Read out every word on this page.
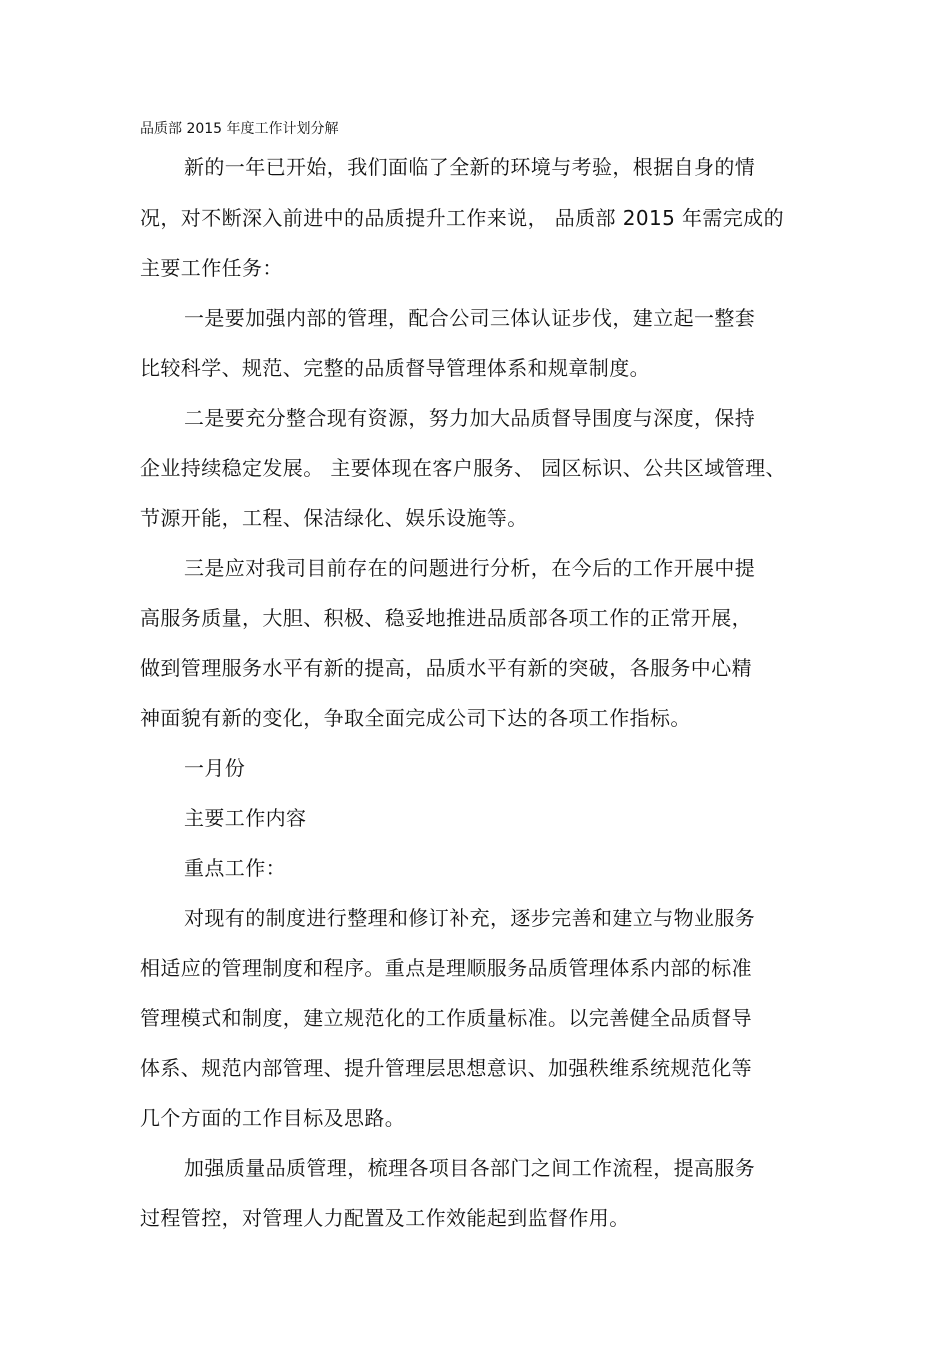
品质部 2015 年度工作计划分解
新的一年已开始，我们面临了全新的环境与考验，根据自身的情
况，对不断深入前进中的品质提升工作来说， 品质部 2015 年需完成的
主要工作任务：
一是要加强内部的管理，配合公司三体认证步伐，建立起一整套
比较科学、规范、完整的品质督导管理体系和规章制度。
二是要充分整合现有资源，努力加大品质督导围度与深度，保持
企业持续稳定发展。 主要体现在客户服务、 园区标识、公共区域管理、
节源开能，工程、保洁绿化、娱乐设施等。
三是应对我司目前存在的问题进行分析，在今后的工作开展中提
高服务质量，大胆、积极、稳妥地推进品质部各项工作的正常开展，
做到管理服务水平有新的提高，品质水平有新的突破，各服务中心精
神面貌有新的变化，争取全面完成公司下达的各项工作指标。
一月份
主要工作内容
重点工作：
对现有的制度进行整理和修订补充，逐步完善和建立与物业服务
相适应的管理制度和程序。重点是理顺服务品质管理体系内部的标准
管理模式和制度，建立规范化的工作质量标准。以完善健全品质督导
体系、规范内部管理、提升管理层思想意识、加强秩维系统规范化等
几个方面的工作目标及思路。
加强质量品质管理，梳理各项目各部门之间工作流程，提高服务
过程管控，对管理人力配置及工作效能起到监督作用。
